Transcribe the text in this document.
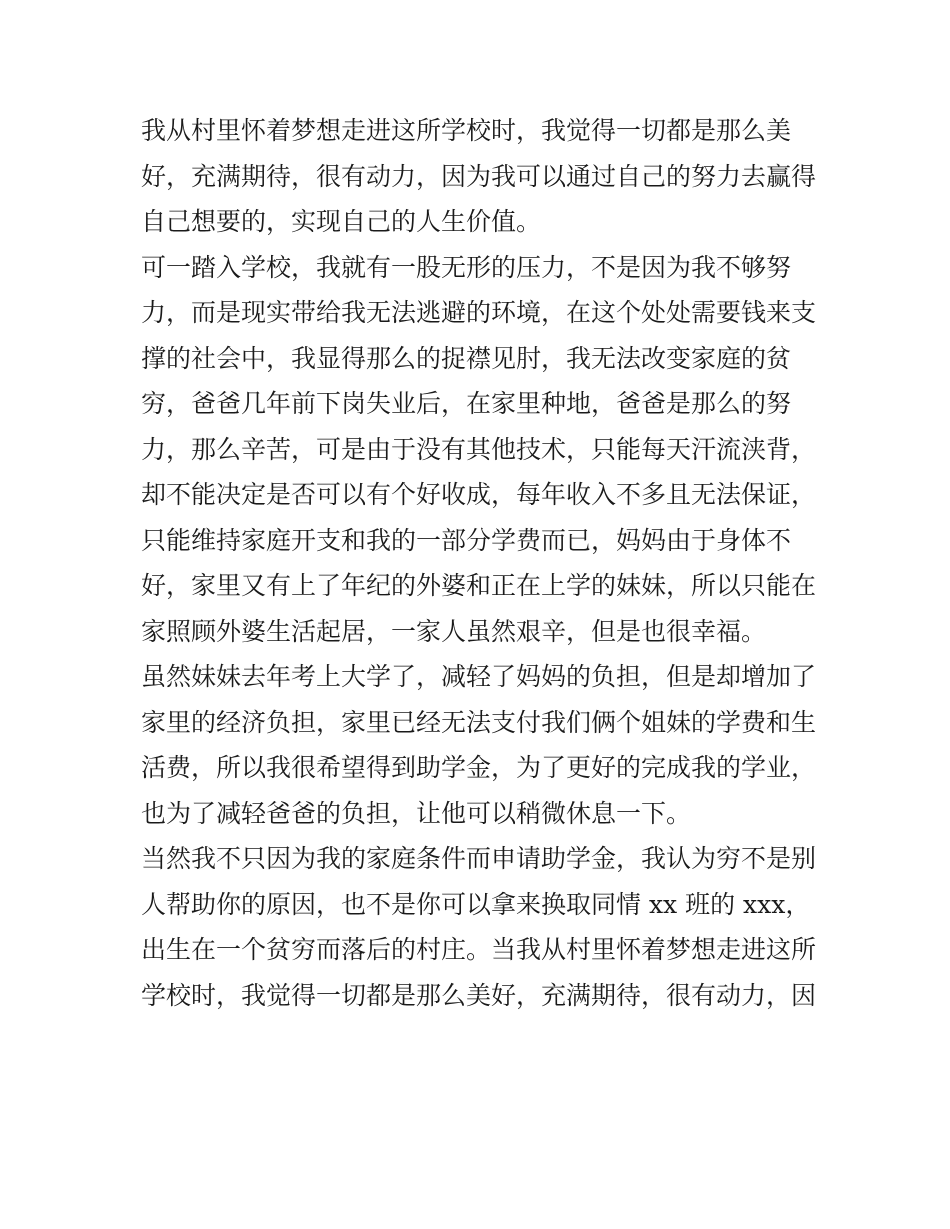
我从村里怀着梦想走进这所学校时，我觉得一切都是那么美
好，充满期待，很有动力，因为我可以通过自己的努力去赢得
自己想要的，实现自己的人生价值。
可一踏入学校，我就有一股无形的压力，不是因为我不够努
力，而是现实带给我无法逃避的环境，在这个处处需要钱来支
撑的社会中，我显得那么的捉襟见肘，我无法改变家庭的贫
穷，爸爸几年前下岗失业后，在家里种地，爸爸是那么的努
力，那么辛苦，可是由于没有其他技术，只能每天汗流浃背，
却不能决定是否可以有个好收成，每年收入不多且无法保证，
只能维持家庭开支和我的一部分学费而已，妈妈由于身体不
好，家里又有上了年纪的外婆和正在上学的妹妹，所以只能在
家照顾外婆生活起居，一家人虽然艰辛，但是也很幸福。
虽然妹妹去年考上大学了，减轻了妈妈的负担，但是却增加了
家里的经济负担，家里已经无法支付我们俩个姐妹的学费和生
活费，所以我很希望得到助学金，为了更好的完成我的学业，
也为了减轻爸爸的负担，让他可以稍微休息一下。
当然我不只因为我的家庭条件而申请助学金，我认为穷不是别
人帮助你的原因，也不是你可以拿来换取同情 xx 班的 xxx，
出生在一个贫穷而落后的村庄。当我从村里怀着梦想走进这所
学校时，我觉得一切都是那么美好，充满期待，很有动力，因
